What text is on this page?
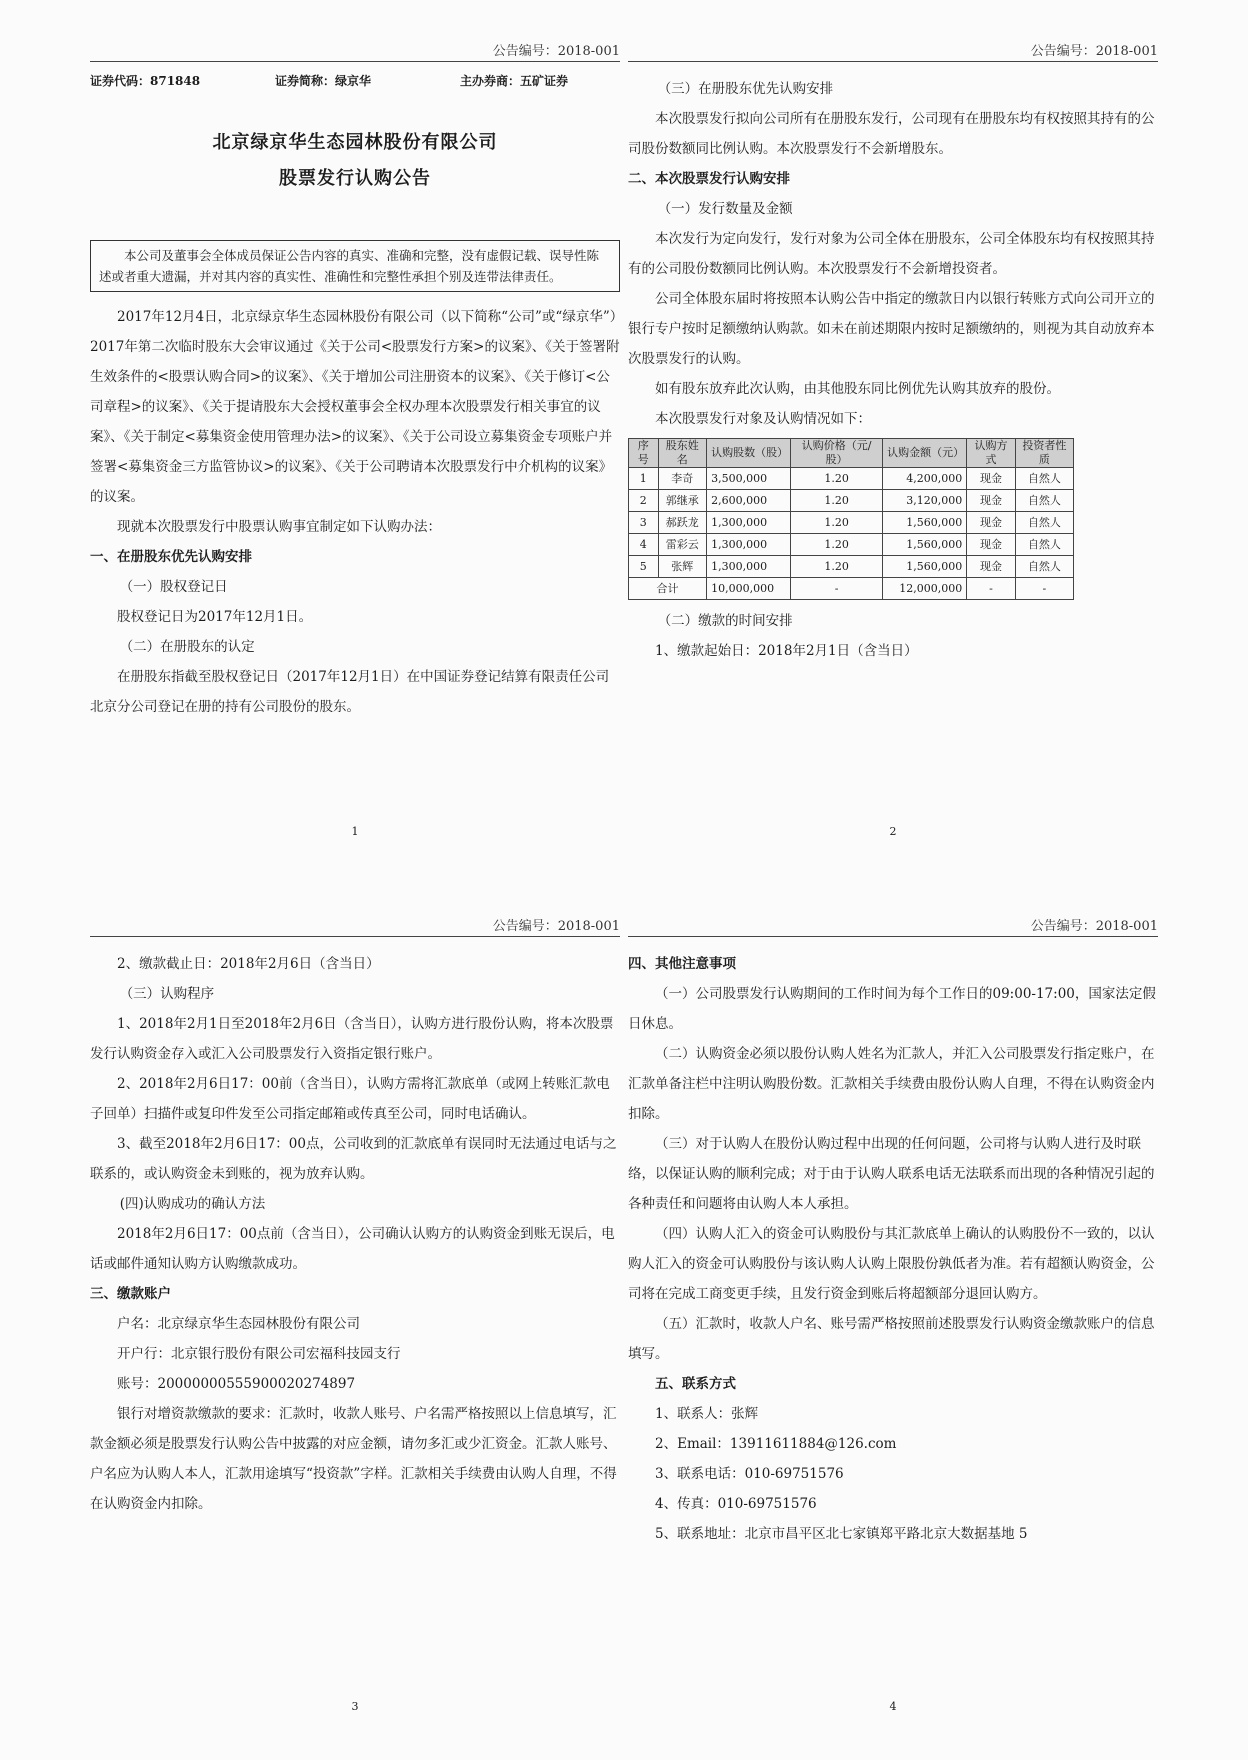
公告编号：2018-001
证券代码：871848	证券简称：绿京华	主办券商：五矿证券
北京绿京华生态园林股份有限公司
股票发行认购公告
本公司及董事会全体成员保证公告内容的真实、准确和完整，没有虚假记载、误导性陈述或者重大遗漏，并对其内容的真实性、准确性和完整性承担个别及连带法律责任。

2017年12月4日，北京绿京华生态园林股份有限公司（以下简称“公司”或“绿京华”）2017年第二次临时股东大会审议通过《关于公司<股票发行方案>的议案》、《关于签署附生效条件的<股票认购合同>的议案》、《关于增加公司注册资本的议案》、《关于修订<公司章程>的议案》、《关于提请股东大会授权董事会全权办理本次股票发行相关事宜的议案》、《关于制定<募集资金使用管理办法>的议案》、《关于公司设立募集资金专项账户并签署<募集资金三方监管协议>的议案》、《关于公司聘请本次股票发行中介机构的议案》的议案。

现就本次股票发行中股票认购事宜制定如下认购办法：

一、在册股东优先认购安排

（一）股权登记日

股权登记日为2017年12月1日。

（二）在册股东的认定

在册股东指截至股权登记日（2017年12月1日）在中国证券登记结算有限责任公司北京分公司登记在册的持有公司股份的股东。

1
公告编号：2018-001

（三）在册股东优先认购安排

本次股票发行拟向公司所有在册股东发行，公司现有在册股东均有权按照其持有的公司股份数额同比例认购。本次股票发行不会新增股东。

二、本次股票发行认购安排

（一）发行数量及金额

本次发行为定向发行，发行对象为公司全体在册股东，公司全体股东均有权按照其持有的公司股份数额同比例认购。本次股票发行不会新增投资者。

公司全体股东届时将按照本认购公告中指定的缴款日内以银行转账方式向公司开立的银行专户按时足额缴纳认购款。如未在前述期限内按时足额缴纳的，则视为其自动放弃本次股票发行的认购。

如有股东放弃此次认购，由其他股东同比例优先认购其放弃的股份。

本次股票发行对象及认购情况如下：

序号	股东姓名	认购股数（股）	认购价格（元/股）	认购金额（元）	认购方式	投资者性质
1	李奇	3,500,000	1.20	4,200,000	现金	自然人
2	郭继承	2,600,000	1.20	3,120,000	现金	自然人
3	郝跃龙	1,300,000	1.20	1,560,000	现金	自然人
4	雷彩云	1,300,000	1.20	1,560,000	现金	自然人
5	张辉	1,300,000	1.20	1,560,000	现金	自然人
合计		10,000,000	-	12,000,000	-	-

（二）缴款的时间安排

1、缴款起始日：2018年2月1日（含当日）

2
公告编号：2018-001

2、缴款截止日：2018年2月6日（含当日）

（三）认购程序

1、2018年2月1日至2018年2月6日（含当日），认购方进行股份认购，将本次股票发行认购资金存入或汇入公司股票发行入资指定银行账户。

2、2018年2月6日17：00前（含当日），认购方需将汇款底单（或网上转账汇款电子回单）扫描件或复印件发至公司指定邮箱或传真至公司，同时电话确认。

3、截至2018年2月6日17：00点，公司收到的汇款底单有误同时无法通过电话与之联系的，或认购资金未到账的，视为放弃认购。

(四)认购成功的确认方法

2018年2月6日17：00点前（含当日），公司确认认购方的认购资金到账无误后，电话或邮件通知认购方认购缴款成功。

三、缴款账户

户名：北京绿京华生态园林股份有限公司

开户行：北京银行股份有限公司宏福科技园支行

账号：20000000555900020274897

银行对增资款缴款的要求：汇款时，收款人账号、户名需严格按照以上信息填写，汇款金额必须是股票发行认购公告中披露的对应金额，请勿多汇或少汇资金。汇款人账号、户名应为认购人本人，汇款用途填写“投资款”字样。汇款相关手续费由认购人自理，不得在认购资金内扣除。

3
公告编号：2018-001

四、其他注意事项

（一）公司股票发行认购期间的工作时间为每个工作日的09:00-17:00，国家法定假日休息。

（二）认购资金必须以股份认购人姓名为汇款人，并汇入公司股票发行指定账户，在汇款单备注栏中注明认购股份数。汇款相关手续费由股份认购人自理，不得在认购资金内扣除。

（三）对于认购人在股份认购过程中出现的任何问题，公司将与认购人进行及时联络，以保证认购的顺利完成；对于由于认购人联系电话无法联系而出现的各种情况引起的各种责任和问题将由认购人本人承担。

（四）认购人汇入的资金可认购股份与其汇款底单上确认的认购股份不一致的，以认购人汇入的资金可认购股份与该认购人认购上限股份孰低者为准。若有超额认购资金，公司将在完成工商变更手续，且发行资金到账后将超额部分退回认购方。

（五）汇款时，收款人户名、账号需严格按照前述股票发行认购资金缴款账户的信息填写。

五、联系方式

1、联系人：张辉

2、Email：13911611884@126.com

3、联系电话：010-69751576

4、传真：010-69751576

5、联系地址：北京市昌平区北七家镇郑平路北京大数据基地 5

4
